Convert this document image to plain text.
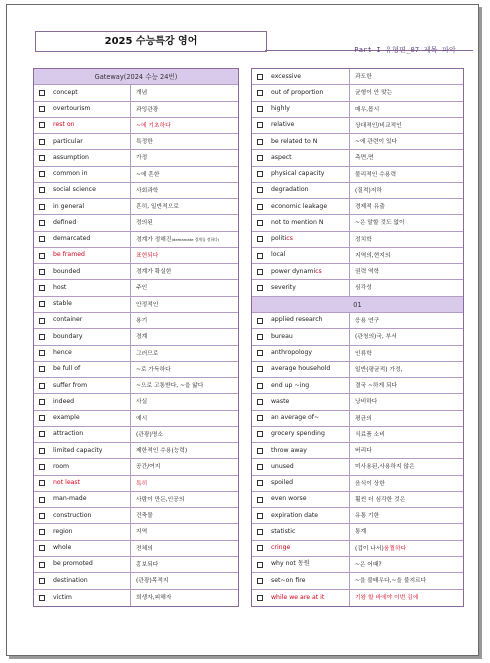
2025 수능특강 영어
Part I 유형편_07 제목 파악
Gateway(2024 수능 24번)
concept	개념
overtourism	과잉관광
rest on	~에 기초하다
particular	특정한
assumption	가정
common in	~에 흔한
social science	사회과학
in general	흔히, 일반적으로
defined	정의된
demarcated	경계가 정해진(demarcate 경계를 정하다)
be framed	표현되다
bounded	경계가 확실한
host	주인
stable	안정적인
container	용기
boundary	경계
hence	그러므로
be full of	~로 가득하다
suffer from	~으로 고통받다, ~을 앓다
indeed	사실
example	예시
attraction	(관광)명소
limited capacity	제한적인 수용(능력)
room	공간/여지
not least	특히
man-made	사람이 만든,인공의
construction	건축물
region	지역
whole	전체의
be promoted	홍보되다
destination	(관광)목적지
victim	희생자,피해자
excessive	과도한
out of proportion	균형이 안 맞는
highly	매우,몹시
relative	상대적인/비교적인
be related to N	~에 관련이 있다
aspect	측면,면
physical capacity	물리적인 수용력
degradation	(질적)저하
economic leakage	경제적 유출
not to mention N	~은 말할 것도 없이
politics	정치학
local	지역의,현지의
power dynamics	권력 역학
severity	심각성
01
applied research	응용 연구
bureau	(관청의)국, 부서
anthropology	인류학
average household	일반(평균적) 가정,
end up ~ing	결국 ~하게 되다
waste	낭비하다
an average of~	평균의
grocery spending	식료품 소비
throw away	버리다
unused	미사용된,사용하지 않은
spoiled	음식이 상한
even worse	훨씬 더 심각한 것은
expiration date	유통 기한
statistic	통계
cringe	(겁이 나서)움찔하다
why not 동원	~은 어때?
set~on fire	~을 불태우다,~을 불지르다
while we are at it	기왕 할 바에야 이번 김에
